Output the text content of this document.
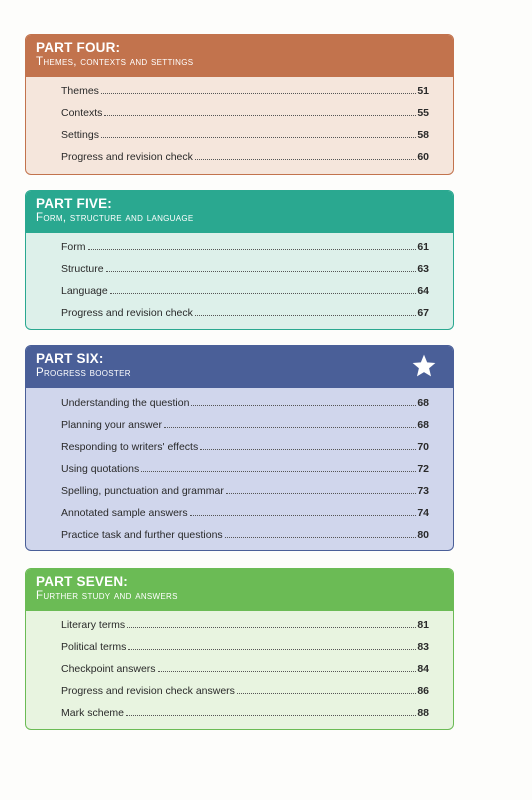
PART FOUR:
Themes, contexts and settings
Themes	51
Contexts	55
Settings	58
Progress and revision check	60
PART FIVE:
Form, structure and language
Form	61
Structure	63
Language	64
Progress and revision check	67
PART SIX:
Progress booster
Understanding the question	68
Planning your answer	68
Responding to writers' effects	70
Using quotations	72
Spelling, punctuation and grammar	73
Annotated sample answers	74
Practice task and further questions	80
PART SEVEN:
Further study and answers
Literary terms	81
Political terms	83
Checkpoint answers	84
Progress and revision check answers	86
Mark scheme	88
